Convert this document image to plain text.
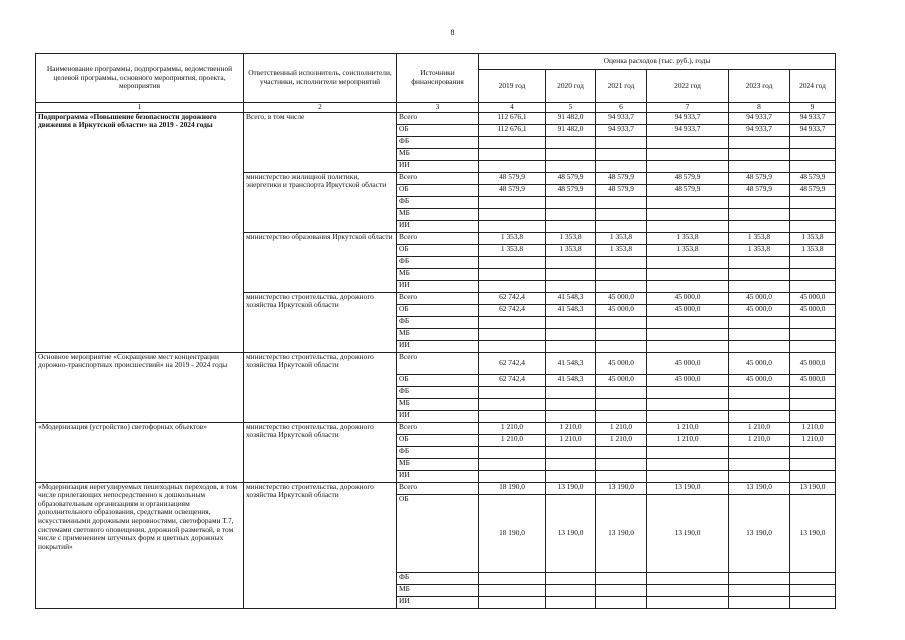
8
Наименование программы, подпрограммы, ведомственной целевой программы, основного мероприятия, проекта, мероприятия	Ответственный исполнитель, соисполнители, участники, исполнители мероприятий	Источники финансирования	Оценка расходов (тыс. руб.), годы					
			2019 год	2020 год	2021 год	2022 год	2023 год	2024 год
1	2	3	4	5	6	7	8	9
Подпрограмма «Повышение безопасности дорожного движения в Иркутской области» на 2019 - 2024 годы	Всего, в том числе	Всего	112 676,1	91 482,0	94 933,7	94 933,7	94 933,7	94 933,7
		ОБ	112 676,1	91 482,0	94 933,7	94 933,7	94 933,7	94 933,7
		ФБ						
		МБ						
		ИИ						
	министерство жилищной политики, энергетики и транспорта Иркутской области	Всего	48 579,9	48 579,9	48 579,9	48 579,9	48 579,9	48 579,9
		ОБ	48 579,9	48 579,9	48 579,9	48 579,9	48 579,9	48 579,9
		ФБ						
		МБ						
		ИИ						
	министерство образования Иркутской области	Всего	1 353,8	1 353,8	1 353,8	1 353,8	1 353,8	1 353,8
		ОБ	1 353,8	1 353,8	1 353,8	1 353,8	1 353,8	1 353,8
		ФБ						
		МБ						
		ИИ						
	министерство строительства, дорожного хозяйства Иркутской области	Всего	62 742,4	41 548,3	45 000,0	45 000,0	45 000,0	45 000,0
		ОБ	62 742,4	41 548,3	45 000,0	45 000,0	45 000,0	45 000,0
		ФБ						
		МБ						
		ИИ						
Основное мероприятие «Сокращение мест концентрации дорожно-транспортных происшествий» на 2019 - 2024 годы	министерство строительства, дорожного хозяйства Иркутской области	Всего	62 742,4	41 548,3	45 000,0	45 000,0	45 000,0	45 000,0
		ОБ	62 742,4	41 548,3	45 000,0	45 000,0	45 000,0	45 000,0
		ФБ						
		МБ						
		ИИ						
«Модернизация (устройство) светофорных объектов»	министерство строительства, дорожного хозяйства Иркутской области	Всего	1 210,0	1 210,0	1 210,0	1 210,0	1 210,0	1 210,0
		ОБ	1 210,0	1 210,0	1 210,0	1 210,0	1 210,0	1 210,0
		ФБ						
		МБ						
		ИИ						
«Модернизация нерегулируемых пешеходных переходов, в том числе прилегающих непосредственно к дошкольным образовательным организациям и организациям дополнительного образования, средствами освещения, искусственными дорожными неровностями, светофорами Т.7, системами светового оповещения, дорожной разметкой, в том числе с применением штучных форм и цветных дорожных покрытий»	министерство строительства, дорожного хозяйства Иркутской области	Всего	18 190,0	13 190,0	13 190,0	13 190,0	13 190,0	13 190,0
		ОБ	18 190,0	13 190,0	13 190,0	13 190,0	13 190,0	13 190,0
		ФБ						
		МБ						
		ИИ						
